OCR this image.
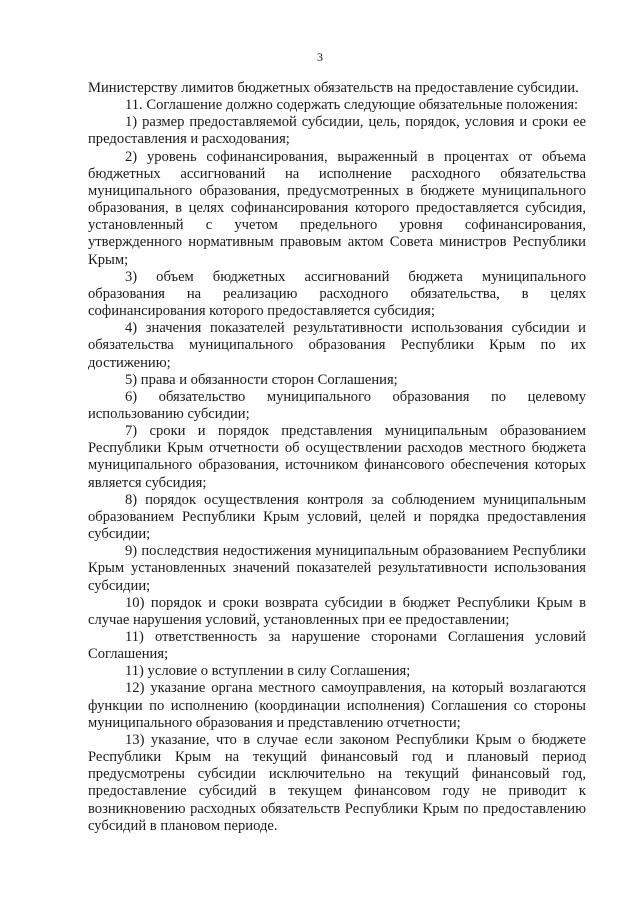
3

Министерству лимитов бюджетных обязательств на предоставление субсидии.

11. Соглашение должно содержать следующие обязательные положения:

1) размер предоставляемой субсидии, цель, порядок, условия и сроки ее предоставления и расходования;

2) уровень софинансирования, выраженный в процентах от объема бюджетных ассигнований на исполнение расходного обязательства муниципального образования, предусмотренных в бюджете муниципального образования, в целях софинансирования которого предоставляется субсидия, установленный с учетом предельного уровня софинансирования, утвержденного нормативным правовым актом Совета министров Республики Крым;

3) объем бюджетных ассигнований бюджета муниципального образования на реализацию расходного обязательства, в целях софинансирования которого предоставляется субсидия;

4) значения показателей результативности использования субсидии и обязательства муниципального образования Республики Крым по их достижению;

5) права и обязанности сторон Соглашения;

6) обязательство муниципального образования по целевому использованию субсидии;

7) сроки и порядок представления муниципальным образованием Республики Крым отчетности об осуществлении расходов местного бюджета муниципального образования, источником финансового обеспечения которых является субсидия;

8) порядок осуществления контроля за соблюдением муниципальным образованием Республики Крым условий, целей и порядка предоставления субсидии;

9) последствия недостижения муниципальным образованием Республики Крым установленных значений показателей результативности использования субсидии;

10) порядок и сроки возврата субсидии в бюджет Республики Крым в случае нарушения условий, установленных при ее предоставлении;

11) ответственность за нарушение сторонами Соглашения условий Соглашения;

11) условие о вступлении в силу Соглашения;

12) указание органа местного самоуправления, на который возлагаются функции по исполнению (координации исполнения) Соглашения со стороны муниципального образования и представлению отчетности;

13) указание, что в случае если законом Республики Крым о бюджете Республики Крым на текущий финансовый год и плановый период предусмотрены субсидии исключительно на текущий финансовый год, предоставление субсидий в текущем финансовом году не приводит к возникновению расходных обязательств Республики Крым по предоставлению субсидий в плановом периоде.
